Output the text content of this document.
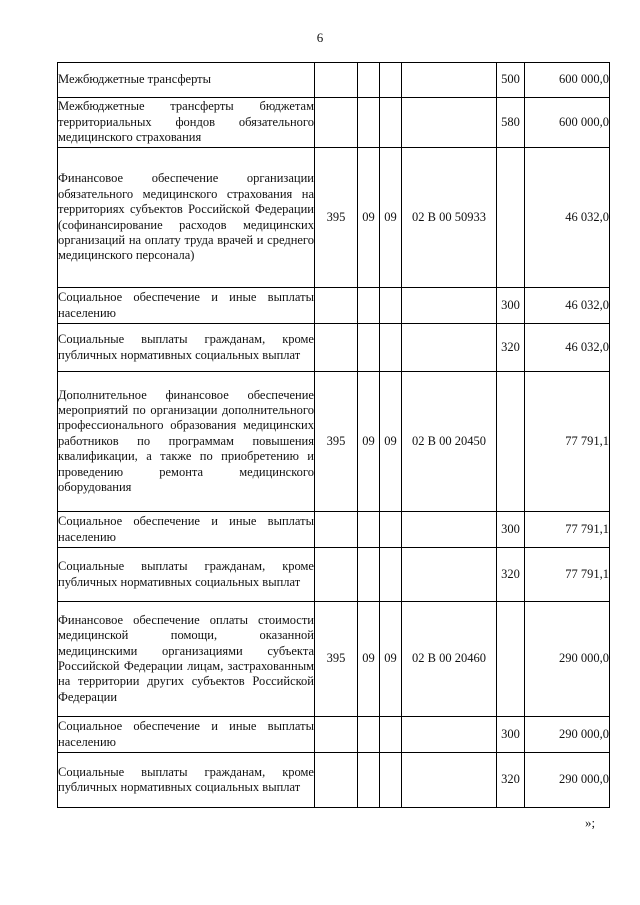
6
Межбюджетные трансферты					500	600 000,0
Межбюджетные трансферты бюджетам территориальных фондов обязательного медицинского страхования					580	600 000,0
Финансовое обеспечение организации обязательного медицинского страхования на территориях субъектов Российской Федерации (софинансирование расходов медицинских организаций на оплату труда врачей и среднего медицинского персонала)	395	09	09	02 В 00 50933		46 032,0
Социальное обеспечение и иные выплаты населению					300	46 032,0
Социальные выплаты гражданам, кроме публичных нормативных социальных выплат					320	46 032,0
Дополнительное финансовое обеспечение мероприятий по организации дополнительного профессионального образования медицинских работников по программам повышения квалификации, а также по приобретению и проведению ремонта медицинского оборудования	395	09	09	02 В 00 20450		77 791,1
Социальное обеспечение и иные выплаты населению					300	77 791,1
Социальные выплаты гражданам, кроме публичных нормативных социальных выплат					320	77 791,1
Финансовое обеспечение оплаты стоимости медицинской помощи, оказанной медицинскими организациями субъекта Российской Федерации лицам, застрахованным на территории других субъектов Российской Федерации	395	09	09	02 В 00 20460		290 000,0
Социальное обеспечение и иные выплаты населению					300	290 000,0
Социальные выплаты гражданам, кроме публичных нормативных социальных выплат					320	290 000,0
»;
